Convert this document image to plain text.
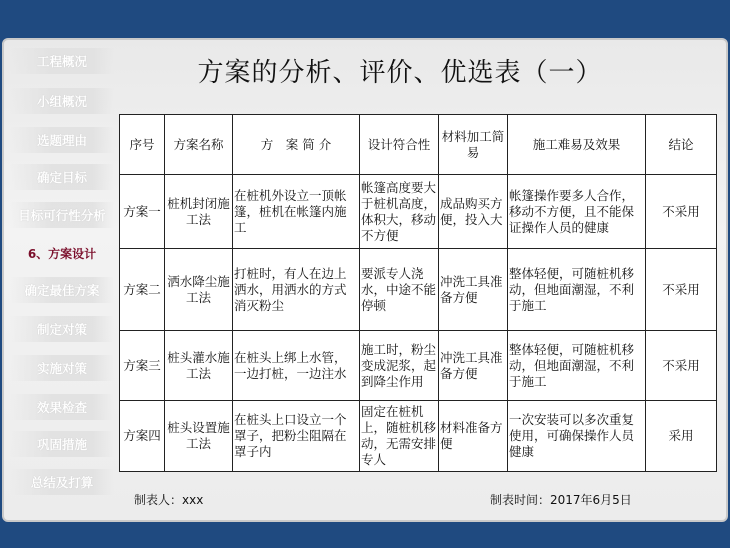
工程概况
小组概况
选题理由
确定目标
目标可行性分析
6、方案设计
确定最佳方案
制定对策
实施对策
效果检查
巩固措施
总结及打算
方案的分析、评价、优选表（一）
序号	方案名称	方　案 简 介	设计符合性	材料加工简易	施工难易及效果	结论
方案一	桩机封闭施工法	在桩机外设立一顶帐篷，桩机在帐篷内施工	帐篷高度要大于桩机高度，体积大，移动不方便	成品购买方便，投入大	帐篷操作要多人合作，移动不方便，且不能保证操作人员的健康	不采用
方案二	洒水降尘施工法	打桩时，有人在边上洒水，用洒水的方式消灭粉尘	要派专人浇水，中途不能停顿	冲洗工具准备方便	整体轻便，可随桩机移动，但地面潮湿，不利于施工	不采用
方案三	桩头灌水施工法	在桩头上绑上水管，一边打桩，一边注水	施工时，粉尘变成泥浆，起到降尘作用	冲洗工具准备方便	整体轻便，可随桩机移动，但地面潮湿，不利于施工	不采用
方案四	桩头设置施工法	在桩头上口设立一个罩子，把粉尘阻隔在罩子内	固定在桩机上，随桩机移动，无需安排专人	材料准备方便	一次安装可以多次重复使用，可确保操作人员健康	采用
制表人：xxx	制表时间：2017年6月5日
